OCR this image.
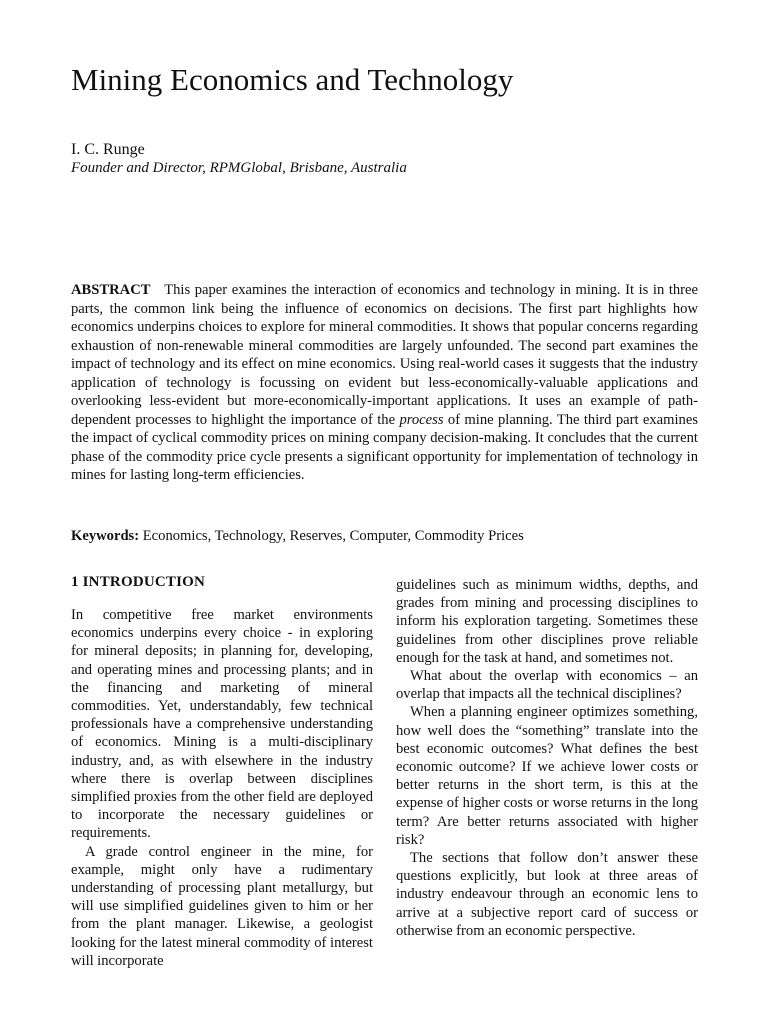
Mining Economics and Technology
I. C. Runge
Founder and Director, RPMGlobal, Brisbane, Australia

ABSTRACT This paper examines the interaction of economics and technology in mining. It is in three parts, the common link being the influence of economics on decisions. The first part highlights how economics underpins choices to explore for mineral commodities. It shows that popular concerns regarding exhaustion of non-renewable mineral commodities are largely unfounded. The second part examines the impact of technology and its effect on mine economics. Using real-world cases it suggests that the industry application of technology is focussing on evident but less-economically-valuable applications and overlooking less-evident but more-economically-important applications. It uses an example of path-dependent processes to highlight the importance of the process of mine planning. The third part examines the impact of cyclical commodity prices on mining company decision-making. It concludes that the current phase of the commodity price cycle presents a significant opportunity for implementation of technology in mines for lasting long-term efficiencies.

Keywords: Economics, Technology, Reserves, Computer, Commodity Prices
1 INTRODUCTION

In competitive free market environments economics underpins every choice - in exploring for mineral deposits; in planning for, developing, and operating mines and processing plants; and in the financing and marketing of mineral commodities. Yet, understandably, few technical professionals have a comprehensive understanding of economics. Mining is a multi-disciplinary industry, and, as with elsewhere in the industry where there is overlap between disciplines simplified proxies from the other field are deployed to incorporate the necessary guidelines or requirements.

A grade control engineer in the mine, for example, might only have a rudimentary understanding of processing plant metallurgy, but will use simplified guidelines given to him or her from the plant manager. Likewise, a geologist looking for the latest mineral commodity of interest will incorporate

guidelines such as minimum widths, depths, and grades from mining and processing disciplines to inform his exploration targeting. Sometimes these guidelines from other disciplines prove reliable enough for the task at hand, and sometimes not.

What about the overlap with economics – an overlap that impacts all the technical disciplines?

When a planning engineer optimizes something, how well does the “something” translate into the best economic outcomes? What defines the best economic outcome? If we achieve lower costs or better returns in the short term, is this at the expense of higher costs or worse returns in the long term? Are better returns associated with higher risk?

The sections that follow don’t answer these questions explicitly, but look at three areas of industry endeavour through an economic lens to arrive at a subjective report card of success or otherwise from an economic perspective.
